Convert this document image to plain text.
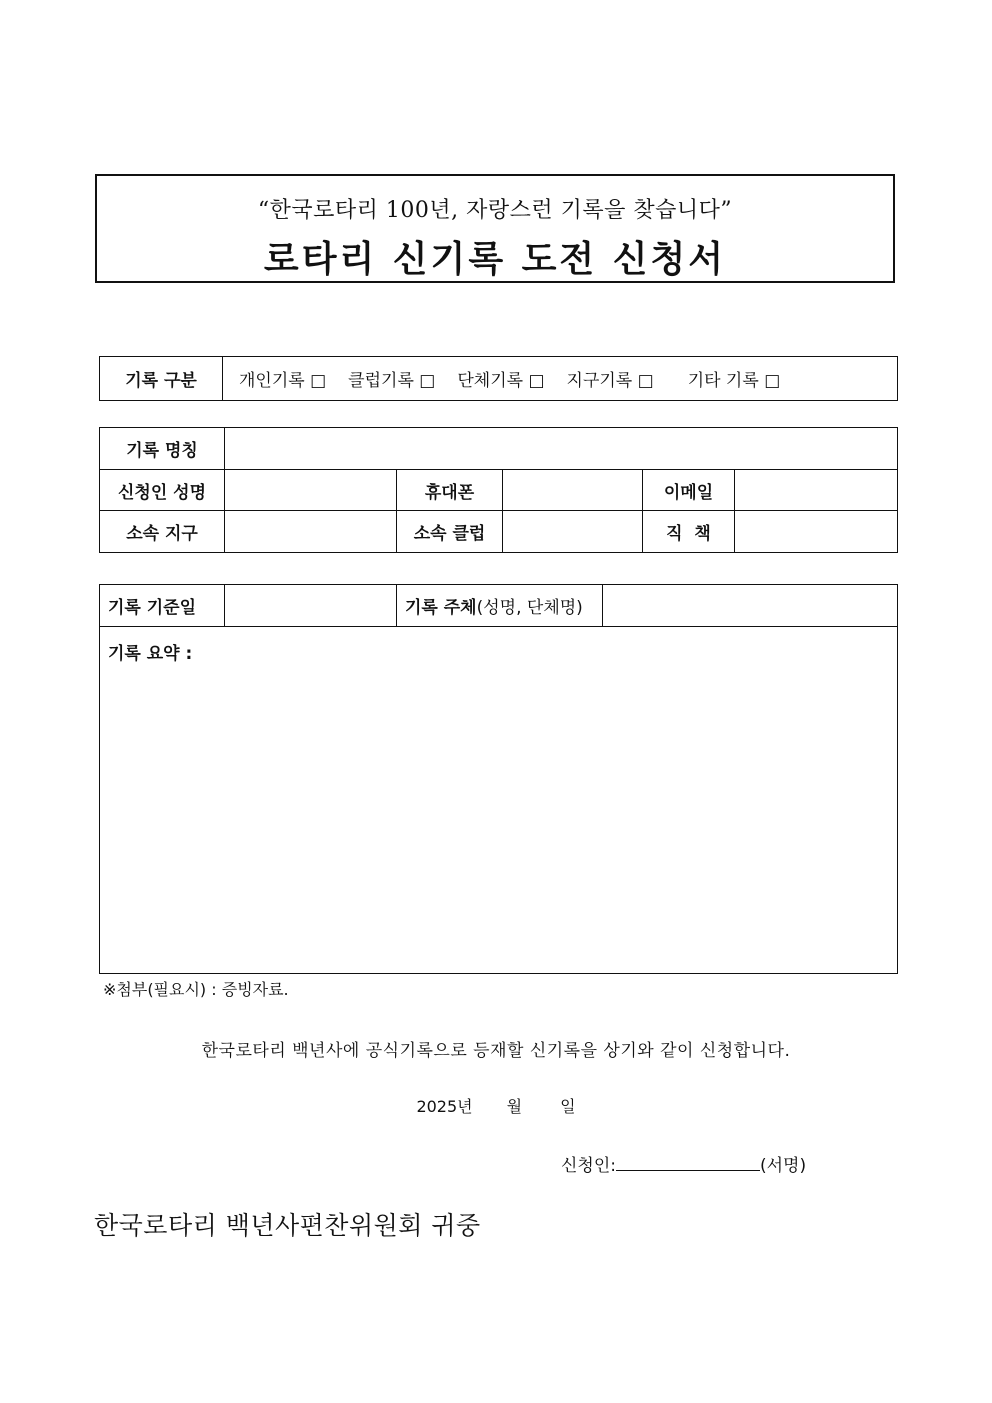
“한국로타리 100년, 자랑스런 기록을 찾습니다”
로타리 신기록 도전 신청서
기록 구분	개인기록 □ 클럽기록 □ 단체기록 □ 지구기록 □ 기타 기록 □
기록 명칭					
신청인 성명		휴대폰		이메일	
소속 지구		소속 클럽		직  책	
기록 기준일		기록 주체(성명, 단체명)	
기록 요약 :
※첨부(필요시) : 증빙자료.
한국로타리 백년사에 공식기록으로 등재할 신기록을 상기와 같이 신청합니다.
2025년 월 일
신청인:	(서명)
한국로타리 백년사편찬위원회 귀중
